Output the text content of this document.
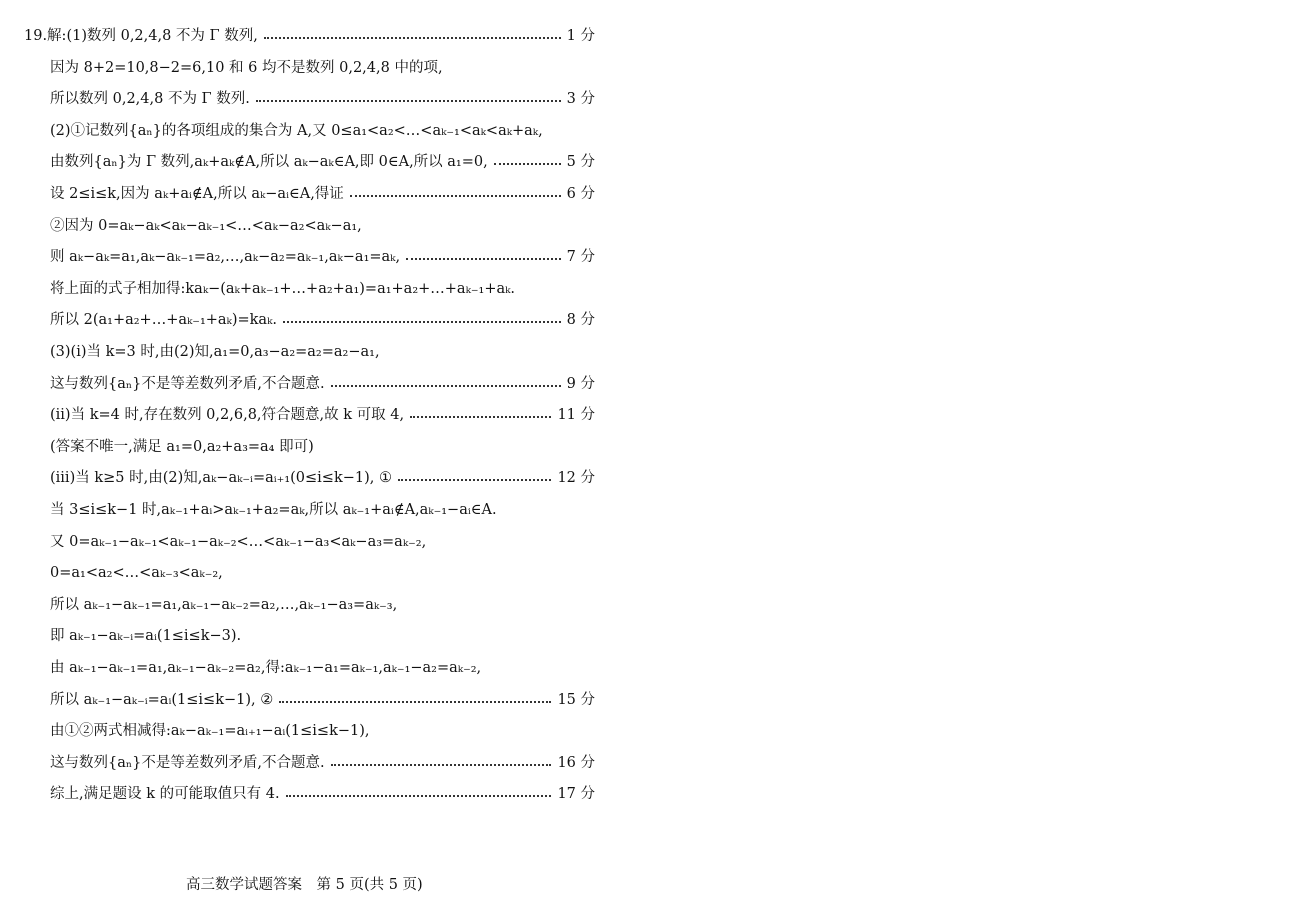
19.解:(1)数列 0,2,4,8 不为 Γ 数列,	1 分
因为 8+2=10,8−2=6,10 和 6 均不是数列 0,2,4,8 中的项,
所以数列 0,2,4,8 不为 Γ 数列.	3 分
(2)①记数列{aₙ}的各项组成的集合为 A,又 0≤a₁<a₂<…<aₖ₋₁<aₖ<aₖ+aₖ,
由数列{aₙ}为 Γ 数列,aₖ+aₖ∉A,所以 aₖ−aₖ∈A,即 0∈A,所以 a₁=0,	5 分
设 2≤i≤k,因为 aₖ+aᵢ∉A,所以 aₖ−aᵢ∈A,得证	6 分
②因为 0=aₖ−aₖ<aₖ−aₖ₋₁<…<aₖ−a₂<aₖ−a₁,
则 aₖ−aₖ=a₁,aₖ−aₖ₋₁=a₂,…,aₖ−a₂=aₖ₋₁,aₖ−a₁=aₖ,	7 分
将上面的式子相加得:kaₖ−(aₖ+aₖ₋₁+…+a₂+a₁)=a₁+a₂+…+aₖ₋₁+aₖ.
所以 2(a₁+a₂+…+aₖ₋₁+aₖ)=kaₖ.	8 分
(3)(i)当 k=3 时,由(2)知,a₁=0,a₃−a₂=a₂=a₂−a₁,
这与数列{aₙ}不是等差数列矛盾,不合题意.	9 分
(ii)当 k=4 时,存在数列 0,2,6,8,符合题意,故 k 可取 4,	11 分
(答案不唯一,满足 a₁=0,a₂+a₃=a₄ 即可)
(iii)当 k≥5 时,由(2)知,aₖ−aₖ₋ᵢ=aᵢ₊₁(0≤i≤k−1), ①	12 分
当 3≤i≤k−1 时,aₖ₋₁+aᵢ>aₖ₋₁+a₂=aₖ,所以 aₖ₋₁+aᵢ∉A,aₖ₋₁−aᵢ∈A.
又 0=aₖ₋₁−aₖ₋₁<aₖ₋₁−aₖ₋₂<…<aₖ₋₁−a₃<aₖ−a₃=aₖ₋₂,
0=a₁<a₂<…<aₖ₋₃<aₖ₋₂,
所以 aₖ₋₁−aₖ₋₁=a₁,aₖ₋₁−aₖ₋₂=a₂,…,aₖ₋₁−a₃=aₖ₋₃,
即 aₖ₋₁−aₖ₋ᵢ=aᵢ(1≤i≤k−3).
由 aₖ₋₁−aₖ₋₁=a₁,aₖ₋₁−aₖ₋₂=a₂,得:aₖ₋₁−a₁=aₖ₋₁,aₖ₋₁−a₂=aₖ₋₂,
所以 aₖ₋₁−aₖ₋ᵢ=aᵢ(1≤i≤k−1), ②	15 分
由①②两式相减得:aₖ−aₖ₋₁=aᵢ₊₁−aᵢ(1≤i≤k−1),
这与数列{aₙ}不是等差数列矛盾,不合题意.	16 分
综上,满足题设 k 的可能取值只有 4.	17 分
高三数学试题答案　第 5 页(共 5 页)
